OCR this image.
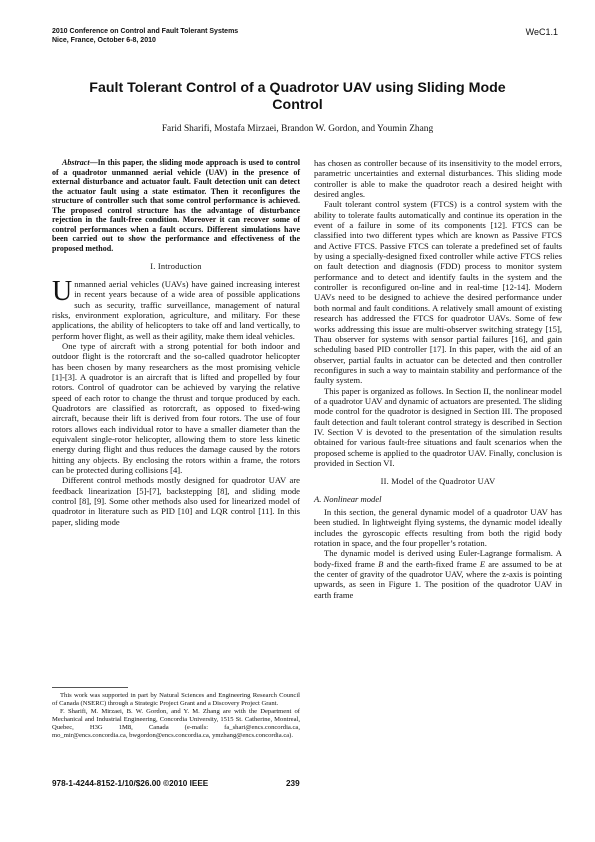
2010 Conference on Control and Fault Tolerant Systems
Nice, France, October 6-8, 2010
WeC1.1
Fault Tolerant Control of a Quadrotor UAV using Sliding Mode
Control
Farid Sharifi, Mostafa Mirzaei, Brandon W. Gordon, and Youmin Zhang

Abstract—In this paper, the sliding mode approach is used to control of a quadrotor unmanned aerial vehicle (UAV) in the presence of external disturbance and actuator fault. Fault detection unit can detect the actuator fault using a state estimator. Then it reconfigures the structure of controller such that some control performance is achieved. The proposed control structure has the advantage of disturbance rejection in the fault-free condition. Moreover it can recover some of control performances when a fault occurs. Different simulations have been carried out to show the performance and effectiveness of the proposed method.

I. Introduction

Unmanned aerial vehicles (UAVs) have gained increasing interest in recent years because of a wide area of possible applications such as security, traffic surveillance, management of natural risks, environment exploration, agriculture, and military. For these applications, the ability of helicopters to take off and land vertically, to perform hover flight, as well as their agility, make them ideal vehicles.

One type of aircraft with a strong potential for both indoor and outdoor flight is the rotorcraft and the so-called quadrotor helicopter has been chosen by many researchers as the most promising vehicle [1]-[3]. A quadrotor is an aircraft that is lifted and propelled by four rotors. Control of quadrotor can be achieved by varying the relative speed of each rotor to change the thrust and torque produced by each. Quadrotors are classified as rotorcraft, as opposed to fixed-wing aircraft, because their lift is derived from four rotors. The use of four rotors allows each individual rotor to have a smaller diameter than the equivalent single-rotor helicopter, allowing them to store less kinetic energy during flight and thus reduces the damage caused by the rotors hitting any objects. By enclosing the rotors within a frame, the rotors can be protected during collisions [4].

Different control methods mostly designed for quadrotor UAV are feedback linearization [5]-[7], backstepping [8], and sliding mode control [8], [9]. Some other methods also used for linearized model of quadrotor in literature such as PID [10] and LQR control [11]. In this paper, sliding mode

This work was supported in part by Natural Sciences and Engineering Research Council of Canada (NSERC) through a Strategic Project Grant and a Discovery Project Grant.

F. Sharifi, M. Mirzaei, B. W. Gordon, and Y. M. Zhang are with the Department of Mechanical and Industrial Engineering, Concordia University, 1515 St. Catherine, Montreal, Quebec, H3G 1M8, Canada (e-mails: fa_shari@encs.concordia.ca, mo_mir@encs.concordia.ca, bwgordon@encs.concordia.ca, ymzhang@encs.concordia.ca).

has chosen as controller because of its insensitivity to the model errors, parametric uncertainties and external disturbances. This sliding mode controller is able to make the quadrotor reach a desired height with desired angles.

Fault tolerant control system (FTCS) is a control system with the ability to tolerate faults automatically and continue its operation in the event of a failure in some of its components [12]. FTCS can be classified into two different types which are known as Passive FTCS and Active FTCS. Passive FTCS can tolerate a predefined set of faults by using a specially-designed fixed controller while active FTCS relies on fault detection and diagnosis (FDD) process to monitor system performance and to detect and identify faults in the system and the controller is reconfigured on-line and in real-time [12-14]. Modern UAVs need to be designed to achieve the desired performance under both normal and fault conditions. A relatively small amount of existing research has addressed the FTCS for quadrotor UAVs. Some of few works addressing this issue are multi-observer switching strategy [15], Thau observer for systems with sensor partial failures [16], and gain scheduling based PID controller [17]. In this paper, with the aid of an observer, partial faults in actuator can be detected and then controller reconfigures in such a way to maintain stability and performance of the faulty system.

This paper is organized as follows. In Section II, the nonlinear model of a quadrotor UAV and dynamic of actuators are presented. The sliding mode control for the quadrotor is designed in Section III. The proposed fault detection and fault tolerant control strategy is described in Section IV. Section V is devoted to the presentation of the simulation results obtained for various fault-free situations and fault scenarios when the proposed scheme is applied to the quadrotor UAV. Finally, conclusion is provided in Section VI.

II. Model of the Quadrotor UAV
A. Nonlinear model

In this section, the general dynamic model of a quadrotor UAV has been studied. In lightweight flying systems, the dynamic model ideally includes the gyroscopic effects resulting from both the rigid body rotation in space, and the four propeller’s rotation.

The dynamic model is derived using Euler-Lagrange formalism. A body-fixed frame B and the earth-fixed frame E are assumed to be at the center of gravity of the quadrotor UAV, where the z-axis is pointing upwards, as seen in Figure 1. The position of the quadrotor UAV in earth frame

978-1-4244-8152-1/10/$26.00 ©2010 IEEE	239
